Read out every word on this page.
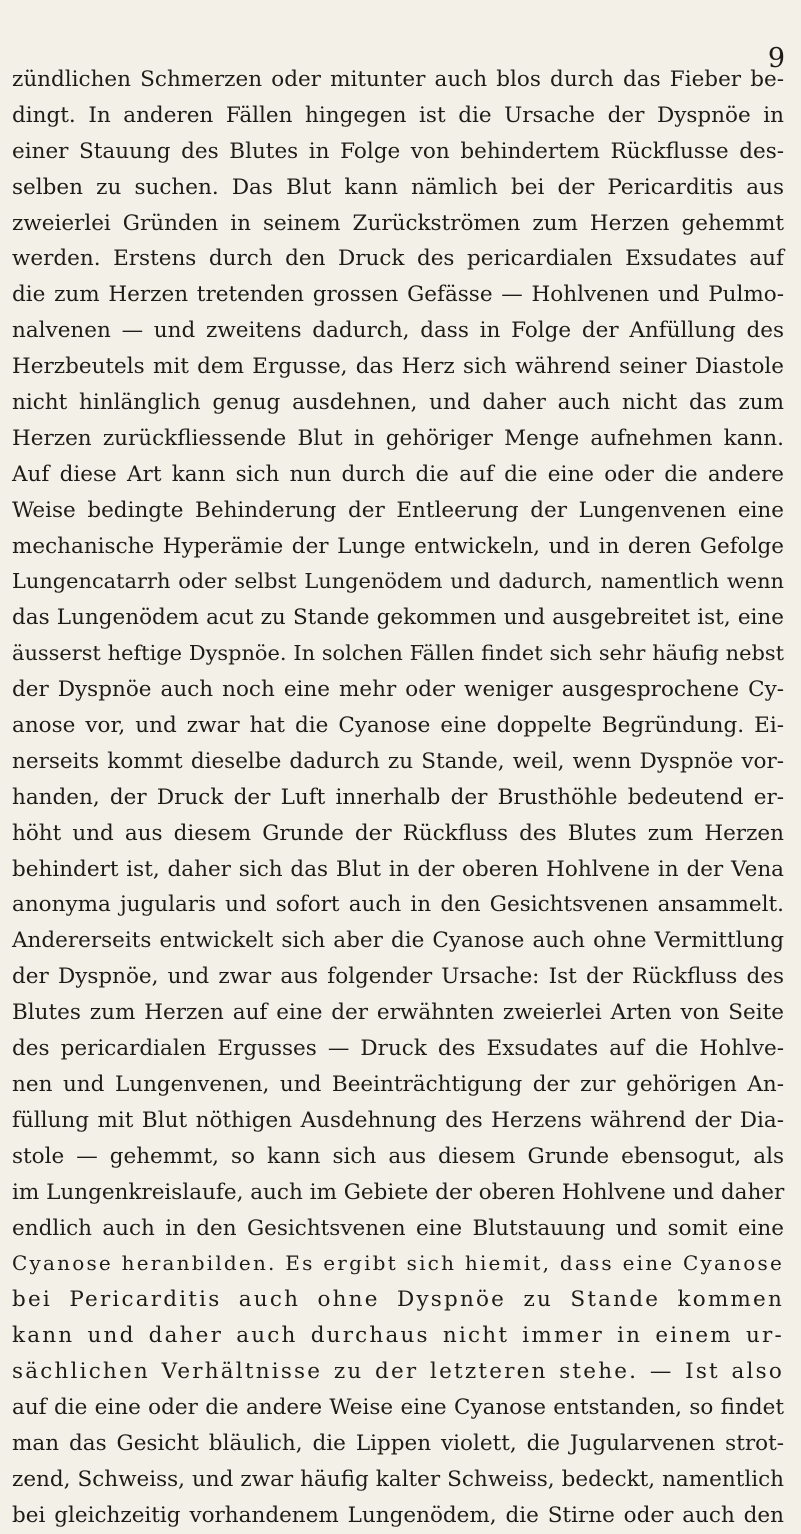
9
zündlichen Schmerzen oder mitunter auch blos durch das Fieber be-
dingt. In anderen Fällen hingegen ist die Ursache der Dyspnöe in
einer Stauung des Blutes in Folge von behindertem Rückflusse des-
selben zu suchen. Das Blut kann nämlich bei der Pericarditis aus
zweierlei Gründen in seinem Zurückströmen zum Herzen gehemmt
werden. Erstens durch den Druck des pericardialen Exsudates auf
die zum Herzen tretenden grossen Gefässe — Hohlvenen und Pulmo-
nalvenen — und zweitens dadurch, dass in Folge der Anfüllung des
Herzbeutels mit dem Ergusse, das Herz sich während seiner Diastole
nicht hinlänglich genug ausdehnen, und daher auch nicht das zum
Herzen zurückfliessende Blut in gehöriger Menge aufnehmen kann.
Auf diese Art kann sich nun durch die auf die eine oder die andere
Weise bedingte Behinderung der Entleerung der Lungenvenen eine
mechanische Hyperämie der Lunge entwickeln, und in deren Gefolge
Lungencatarrh oder selbst Lungenödem und dadurch, namentlich wenn
das Lungenödem acut zu Stande gekommen und ausgebreitet ist, eine
äusserst heftige Dyspnöe. In solchen Fällen findet sich sehr häufig nebst
der Dyspnöe auch noch eine mehr oder weniger ausgesprochene Cy-
anose vor, und zwar hat die Cyanose eine doppelte Begründung. Ei-
nerseits kommt dieselbe dadurch zu Stande, weil, wenn Dyspnöe vor-
handen, der Druck der Luft innerhalb der Brusthöhle bedeutend er-
höht und aus diesem Grunde der Rückfluss des Blutes zum Herzen
behindert ist, daher sich das Blut in der oberen Hohlvene in der Vena
anonyma jugularis und sofort auch in den Gesichtsvenen ansammelt.
Andererseits entwickelt sich aber die Cyanose auch ohne Vermittlung
der Dyspnöe, und zwar aus folgender Ursache: Ist der Rückfluss des
Blutes zum Herzen auf eine der erwähnten zweierlei Arten von Seite
des pericardialen Ergusses — Druck des Exsudates auf die Hohlve-
nen und Lungenvenen, und Beeinträchtigung der zur gehörigen An-
füllung mit Blut nöthigen Ausdehnung des Herzens während der Dia-
stole — gehemmt, so kann sich aus diesem Grunde ebensogut, als
im Lungenkreislaufe, auch im Gebiete der oberen Hohlvene und daher
endlich auch in den Gesichtsvenen eine Blutstauung und somit eine
Cyanose heranbilden. Es ergibt sich hiemit, dass eine Cyanose
bei Pericarditis auch ohne Dyspnöe zu Stande kommen
kann und daher auch durchaus nicht immer in einem ur-
sächlichen Verhältnisse zu der letzteren stehe. — Ist also
auf die eine oder die andere Weise eine Cyanose entstanden, so findet
man das Gesicht bläulich, die Lippen violett, die Jugularvenen strot-
zend, Schweiss, und zwar häufig kalter Schweiss, bedeckt, namentlich
bei gleichzeitig vorhandenem Lungenödem, die Stirne oder auch den
